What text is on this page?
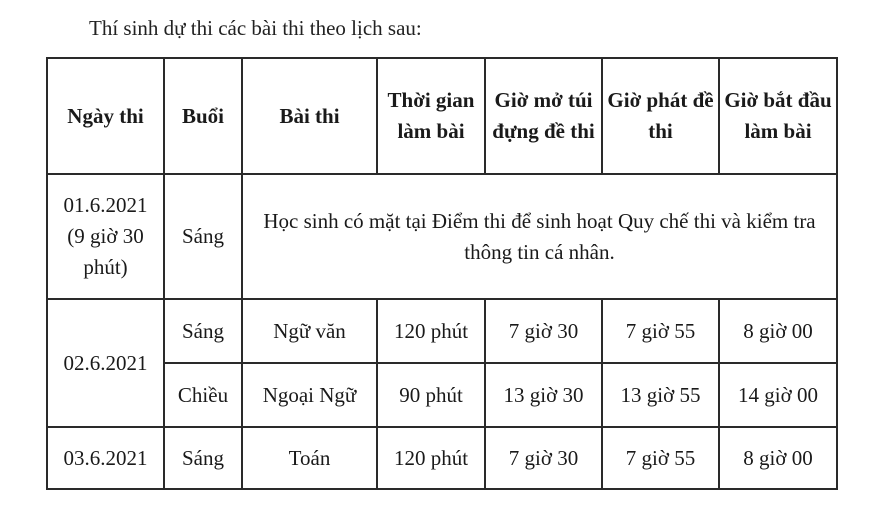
Thí sinh dự thi các bài thi theo lịch sau:
Ngày thi	Buổi	Bài thi	Thời gian làm bài	Giờ mở túi đựng đề thi	Giờ phát đề thi	Giờ bắt đầu làm bài

01.6.2021
(9 giờ 30 phút)	Sáng	Học sinh có mặt tại Điểm thi để sinh hoạt Quy chế thi và kiểm tra thông tin cá nhân.				
02.6.2021	Sáng	Ngữ văn	120 phút	7 giờ 30	7 giờ 55	8 giờ 00
	Chiều	Ngoại Ngữ	90 phút	13 giờ 30	13 giờ 55	14 giờ 00
03.6.2021	Sáng	Toán	120 phút	7 giờ 30	7 giờ 55	8 giờ 00
